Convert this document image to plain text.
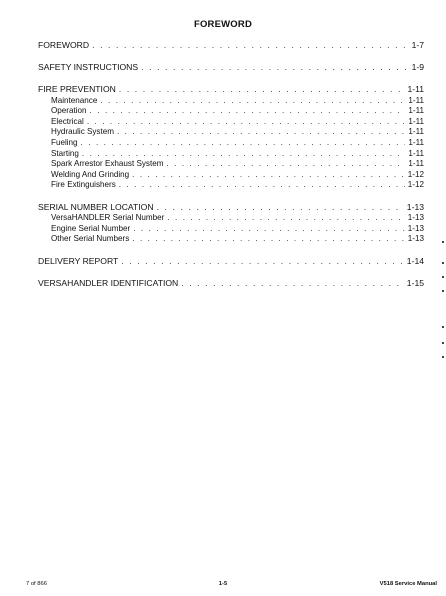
FOREWORD
FOREWORD . . .	1-7
SAFETY INSTRUCTIONS . . .	1-9
FIRE PREVENTION . . .	1-11
Maintenance . . .	1-11
Operation . . .	1-11
Electrical . . .	1-11
Hydraulic System . . .	1-11
Fueling . . .	1-11
Starting . . .	1-11
Spark Arrestor Exhaust System . . .	1-11
Welding And Grinding . . .	1-12
Fire Extinguishers . . .	1-12
SERIAL NUMBER LOCATION . . .	1-13
VersaHANDLER Serial Number . . .	1-13
Engine Serial Number . . .	1-13
Other Serial Numbers . . .	1-13
DELIVERY REPORT . . .	1-14
VERSAHANDLER IDENTIFICATION . . .	1-15
7 of 866	1-5	V518 Service Manual
